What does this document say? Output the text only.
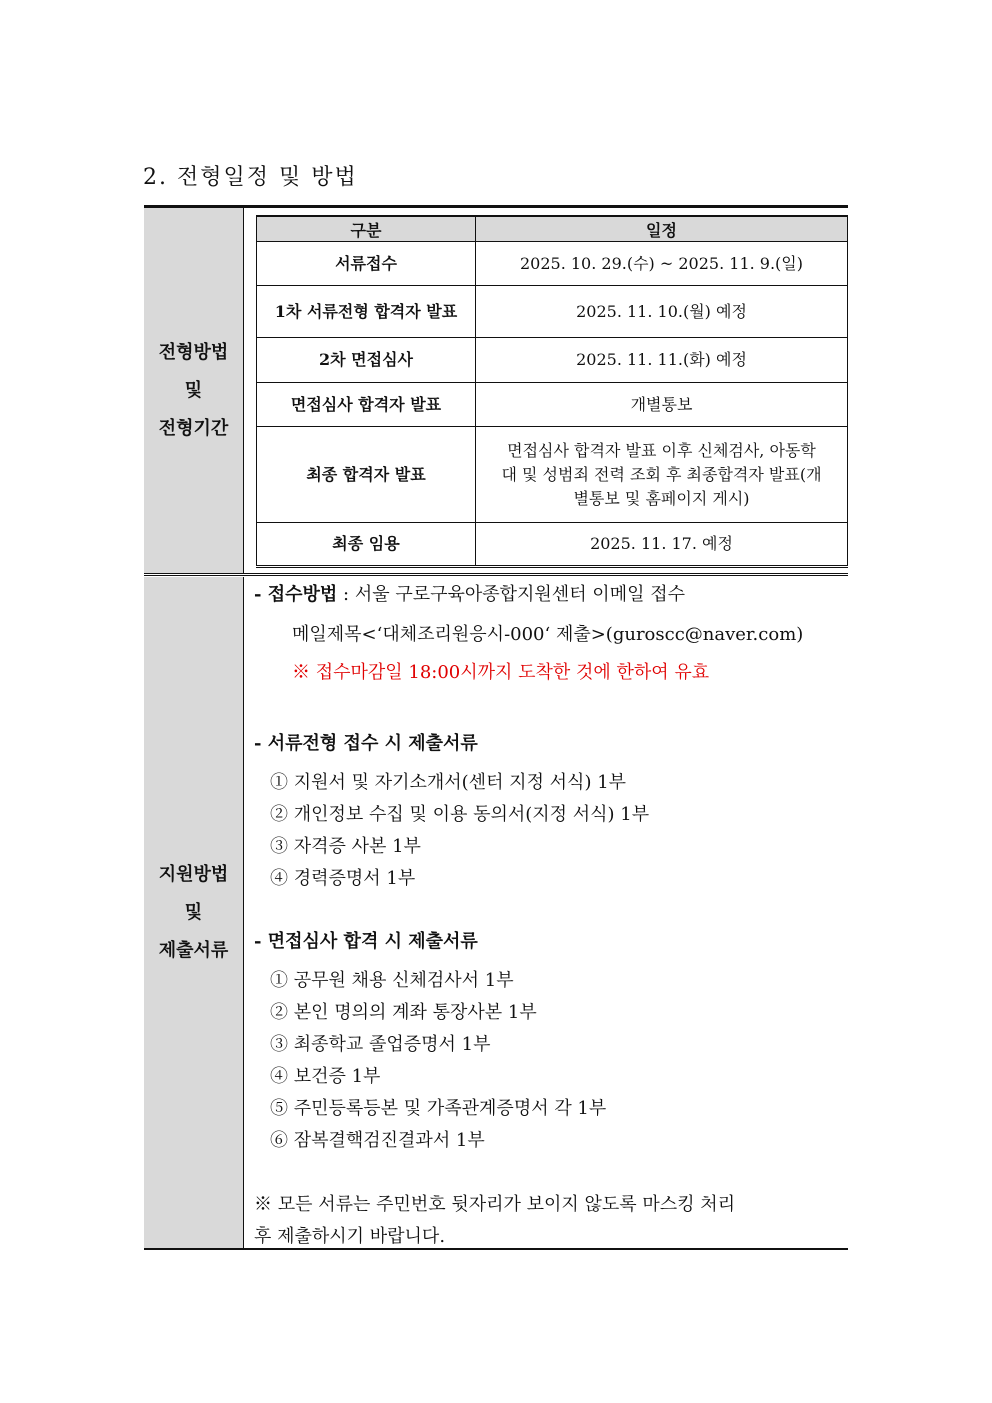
2. 전형일정 및 방법
전형방법
및
전형기간
구분	일정
서류접수	2025. 10. 29.(수) ~ 2025. 11. 9.(일)
1차 서류전형 합격자 발표	2025. 11. 10.(월) 예정
2차 면접심사	2025. 11. 11.(화) 예정
면접심사 합격자 발표	개별통보
최종 합격자 발표	면접심사 합격자 발표 이후 신체검사, 아동학대 및 성범죄 전력 조회 후 최종합격자 발표(개별통보 및 홈페이지 게시)
최종 임용	2025. 11. 17. 예정
지원방법
및
제출서류
- 접수방법 : 서울 구로구육아종합지원센터 이메일 접수
메일제목<‘대체조리원응시-000‘ 제출>(guroscc@naver.com)
※ 접수마감일 18:00시까지 도착한 것에 한하여 유효
- 서류전형 접수 시 제출서류
① 지원서 및 자기소개서(센터 지정 서식) 1부
② 개인정보 수집 및 이용 동의서(지정 서식) 1부
③ 자격증 사본 1부
④ 경력증명서 1부
- 면접심사 합격 시 제출서류
① 공무원 채용 신체검사서 1부
② 본인 명의의 계좌 통장사본 1부
③ 최종학교 졸업증명서 1부
④ 보건증 1부
⑤ 주민등록등본 및 가족관계증명서 각 1부
⑥ 잠복결핵검진결과서 1부
※ 모든 서류는 주민번호 뒷자리가 보이지 않도록 마스킹 처리
후 제출하시기 바랍니다.
